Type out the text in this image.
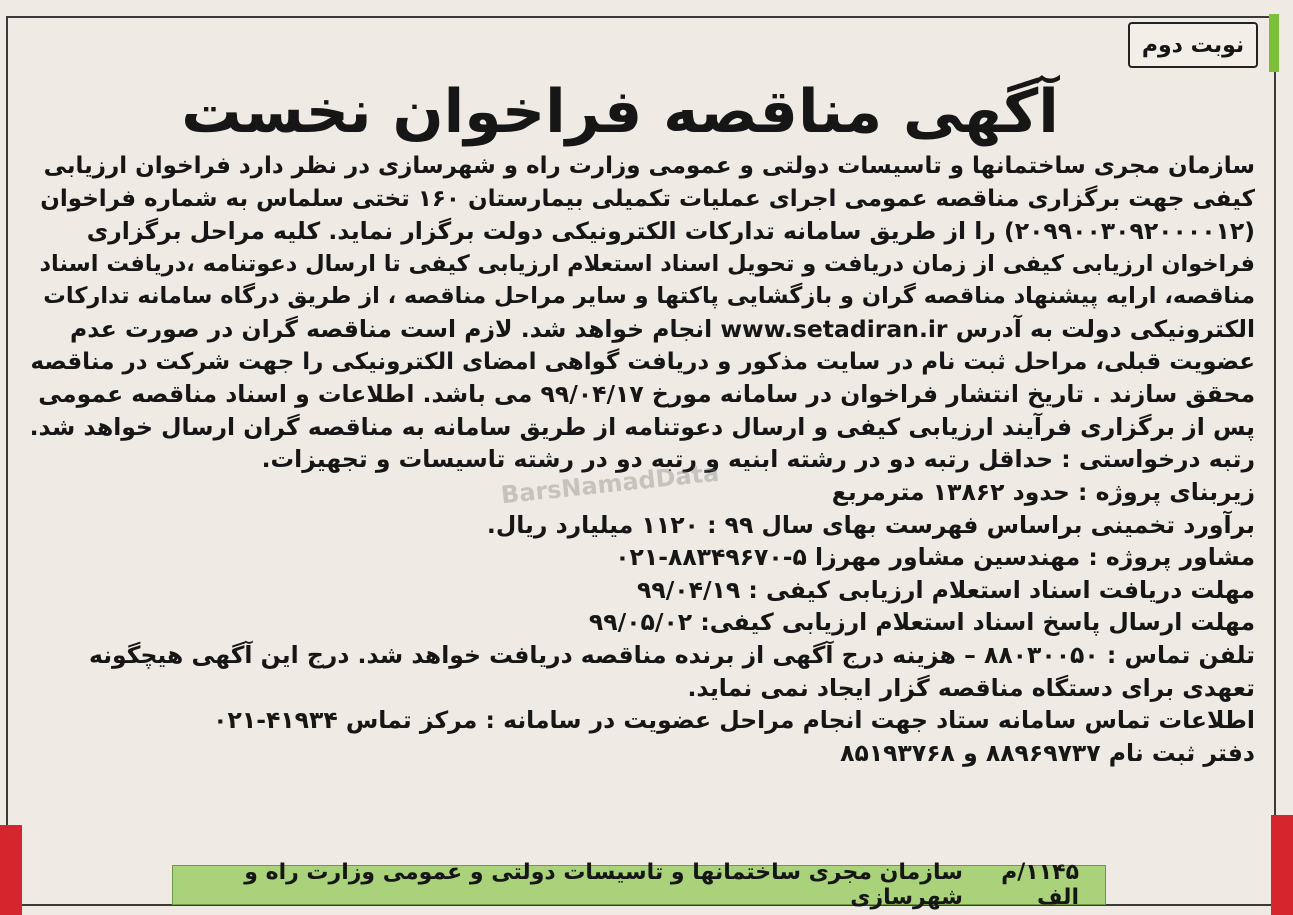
نوبت دوم
آگهی مناقصه فراخوان نخست
سازمان مجری ساختمانها و تاسیسات دولتی و عمومی وزارت راه و شهرسازی در نظر دارد فراخوان ارزیابی
کیفی جهت برگزاری مناقصه عمومی اجرای عملیات تکمیلی بیمارستان ۱۶۰ تختی سلماس به شماره فراخوان
(۲۰۹۹۰۰۳۰۹۲۰۰۰۰۱۲) را از طریق سامانه تدارکات الکترونیکی دولت برگزار نماید. کلیه مراحل برگزاری
فراخوان ارزیابی کیفی از زمان دریافت و تحویل اسناد استعلام ارزیابی کیفی تا ارسال دعوتنامه ،دریافت اسناد
مناقصه، ارایه پیشنهاد مناقصه گران و بازگشایی پاکتها و سایر مراحل مناقصه ، از طریق درگاه سامانه تدارکات
الکترونیکی دولت به آدرس www.setadiran.ir انجام خواهد شد. لازم است مناقصه گران در صورت عدم
عضویت قبلی، مراحل ثبت نام در سایت مذکور و دریافت گواهی امضای الکترونیکی را جهت شرکت در مناقصه
محقق سازند . تاریخ انتشار فراخوان در سامانه مورخ ۹۹/۰۴/۱۷ می باشد. اطلاعات و اسناد مناقصه عمومی
پس از برگزاری فرآیند ارزیابی کیفی و ارسال دعوتنامه از طریق سامانه به مناقصه گران ارسال خواهد شد.
رتبه درخواستی : حداقل رتبه دو در رشته ابنیه و رتبه دو در رشته تاسیسات و تجهیزات.
زیربنای پروژه : حدود ۱۳۸۶۲ مترمربع
برآورد تخمینی براساس فهرست بهای سال ۹۹ : ۱۱۲۰ میلیارد ریال.
مشاور پروژه : مهندسین مشاور مهرزا ۵-۸۸۳۴۹۶۷۰-۰۲۱
مهلت دریافت اسناد استعلام ارزیابی کیفی : ۹۹/۰۴/۱۹
مهلت ارسال پاسخ اسناد استعلام ارزیابی کیفی: ۹۹/۰۵/۰۲
تلفن تماس : ۸۸۰۳۰۰۵۰ – هزینه درج آگهی از برنده مناقصه دریافت خواهد شد. درج این آگهی هیچگونه
تعهدی برای دستگاه مناقصه گزار ایجاد نمی نماید.
اطلاعات تماس سامانه ستاد جهت انجام مراحل عضویت در سامانه : مرکز تماس ۴۱۹۳۴-۰۲۱
دفتر ثبت نام ۸۸۹۶۹۷۳۷ و ۸۵۱۹۳۷۶۸
BarsNamadData
۱۱۴۵/م الف
سازمان مجری ساختمانها و تاسیسات دولتی و عمومی وزارت راه و شهرسازی
